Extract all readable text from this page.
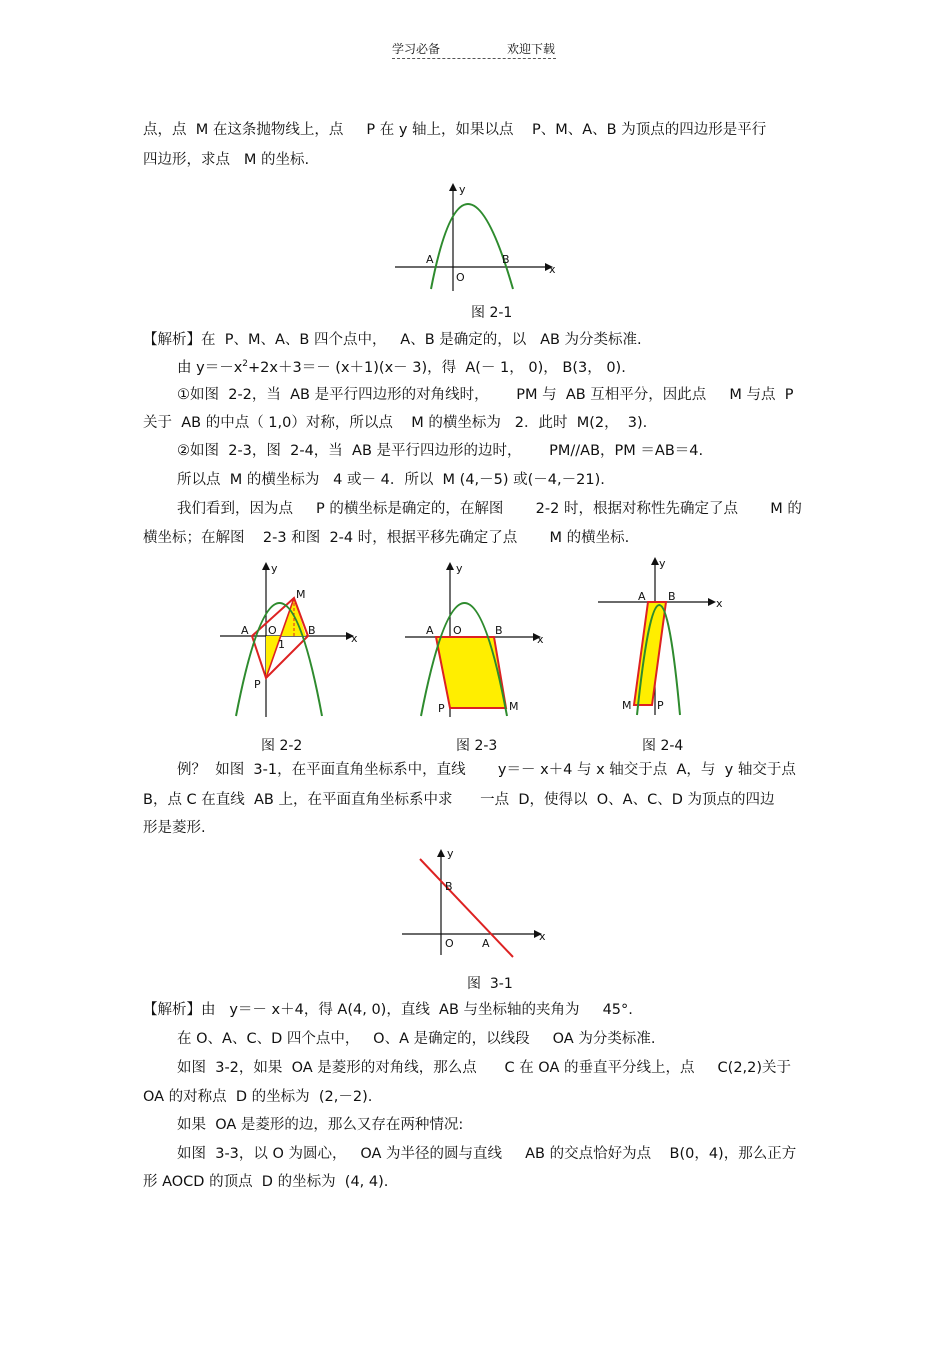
学习必备	欢迎下载
点，点  M 在这条抛物线上，点     P 在 y 轴上，如果以点    P、M、A、B 为顶点的四边形是平行
四边形，求点   M 的坐标.
y
x
A	B
O
图 2-1
【解析】在  P、M、A、B 四个点中，   A、B 是确定的，以   AB 为分类标准.
由 $y=-x^2+2x+3=- (x+1)(x- 3)$，得  A(－ 1， 0)， B(3， 0).
①如图  2-2，当  AB 是平行四边形的对角线时，      PM 与  AB 互相平分，因此点     M 与点  P
关于  AB 的中点（ 1,0）对称，所以点    M 的横坐标为   2．此时  M(2，  3).
②如图  2-3，图  2-4，当  AB 是平行四边形的边时，      PM//AB，PM ＝AB＝4.
所以点  M 的横坐标为   4 或－ 4．所以  M (4,－5) 或(－4,－21).
我们看到，因为点     P 的横坐标是确定的，在解图       2-2 时，根据对称性先确定了点       M 的
横坐标；在解图    2-3 和图  2-4 时，根据平移先确定了点       M 的横坐标.
y
x
A	B
O
M
P
1
图 2-2
y
x
A	B
O
M
P
图 2-3
y
x
A B
M P
图 2-4
例？  如图  3-1，在平面直角坐标系中，直线       y＝－ x＋4 与 x 轴交于点  A，与  y 轴交于点
B，点 C 在直线  AB 上，在平面直角坐标系中求      一点  D，使得以  O、A、C、D 为顶点的四边
形是菱形.
y
x
B
O	A
图  3-1
【解析】由   y＝－ x＋4，得 A(4, 0)，直线  AB 与坐标轴的夹角为     45°.
在 O、A、C、D 四个点中，   O、A 是确定的，以线段     OA 为分类标准.
如图  3-2，如果  OA 是菱形的对角线，那么点      C 在 OA 的垂直平分线上，点     C(2,2)关于
OA 的对称点  D 的坐标为  (2,－2).
如果  OA 是菱形的边，那么又存在两种情况:
如图  3-3，以 O 为圆心，   OA 为半径的圆与直线     AB 的交点恰好为点    B(0，4)，那么正方
形 AOCD 的顶点  D 的坐标为  (4, 4).
